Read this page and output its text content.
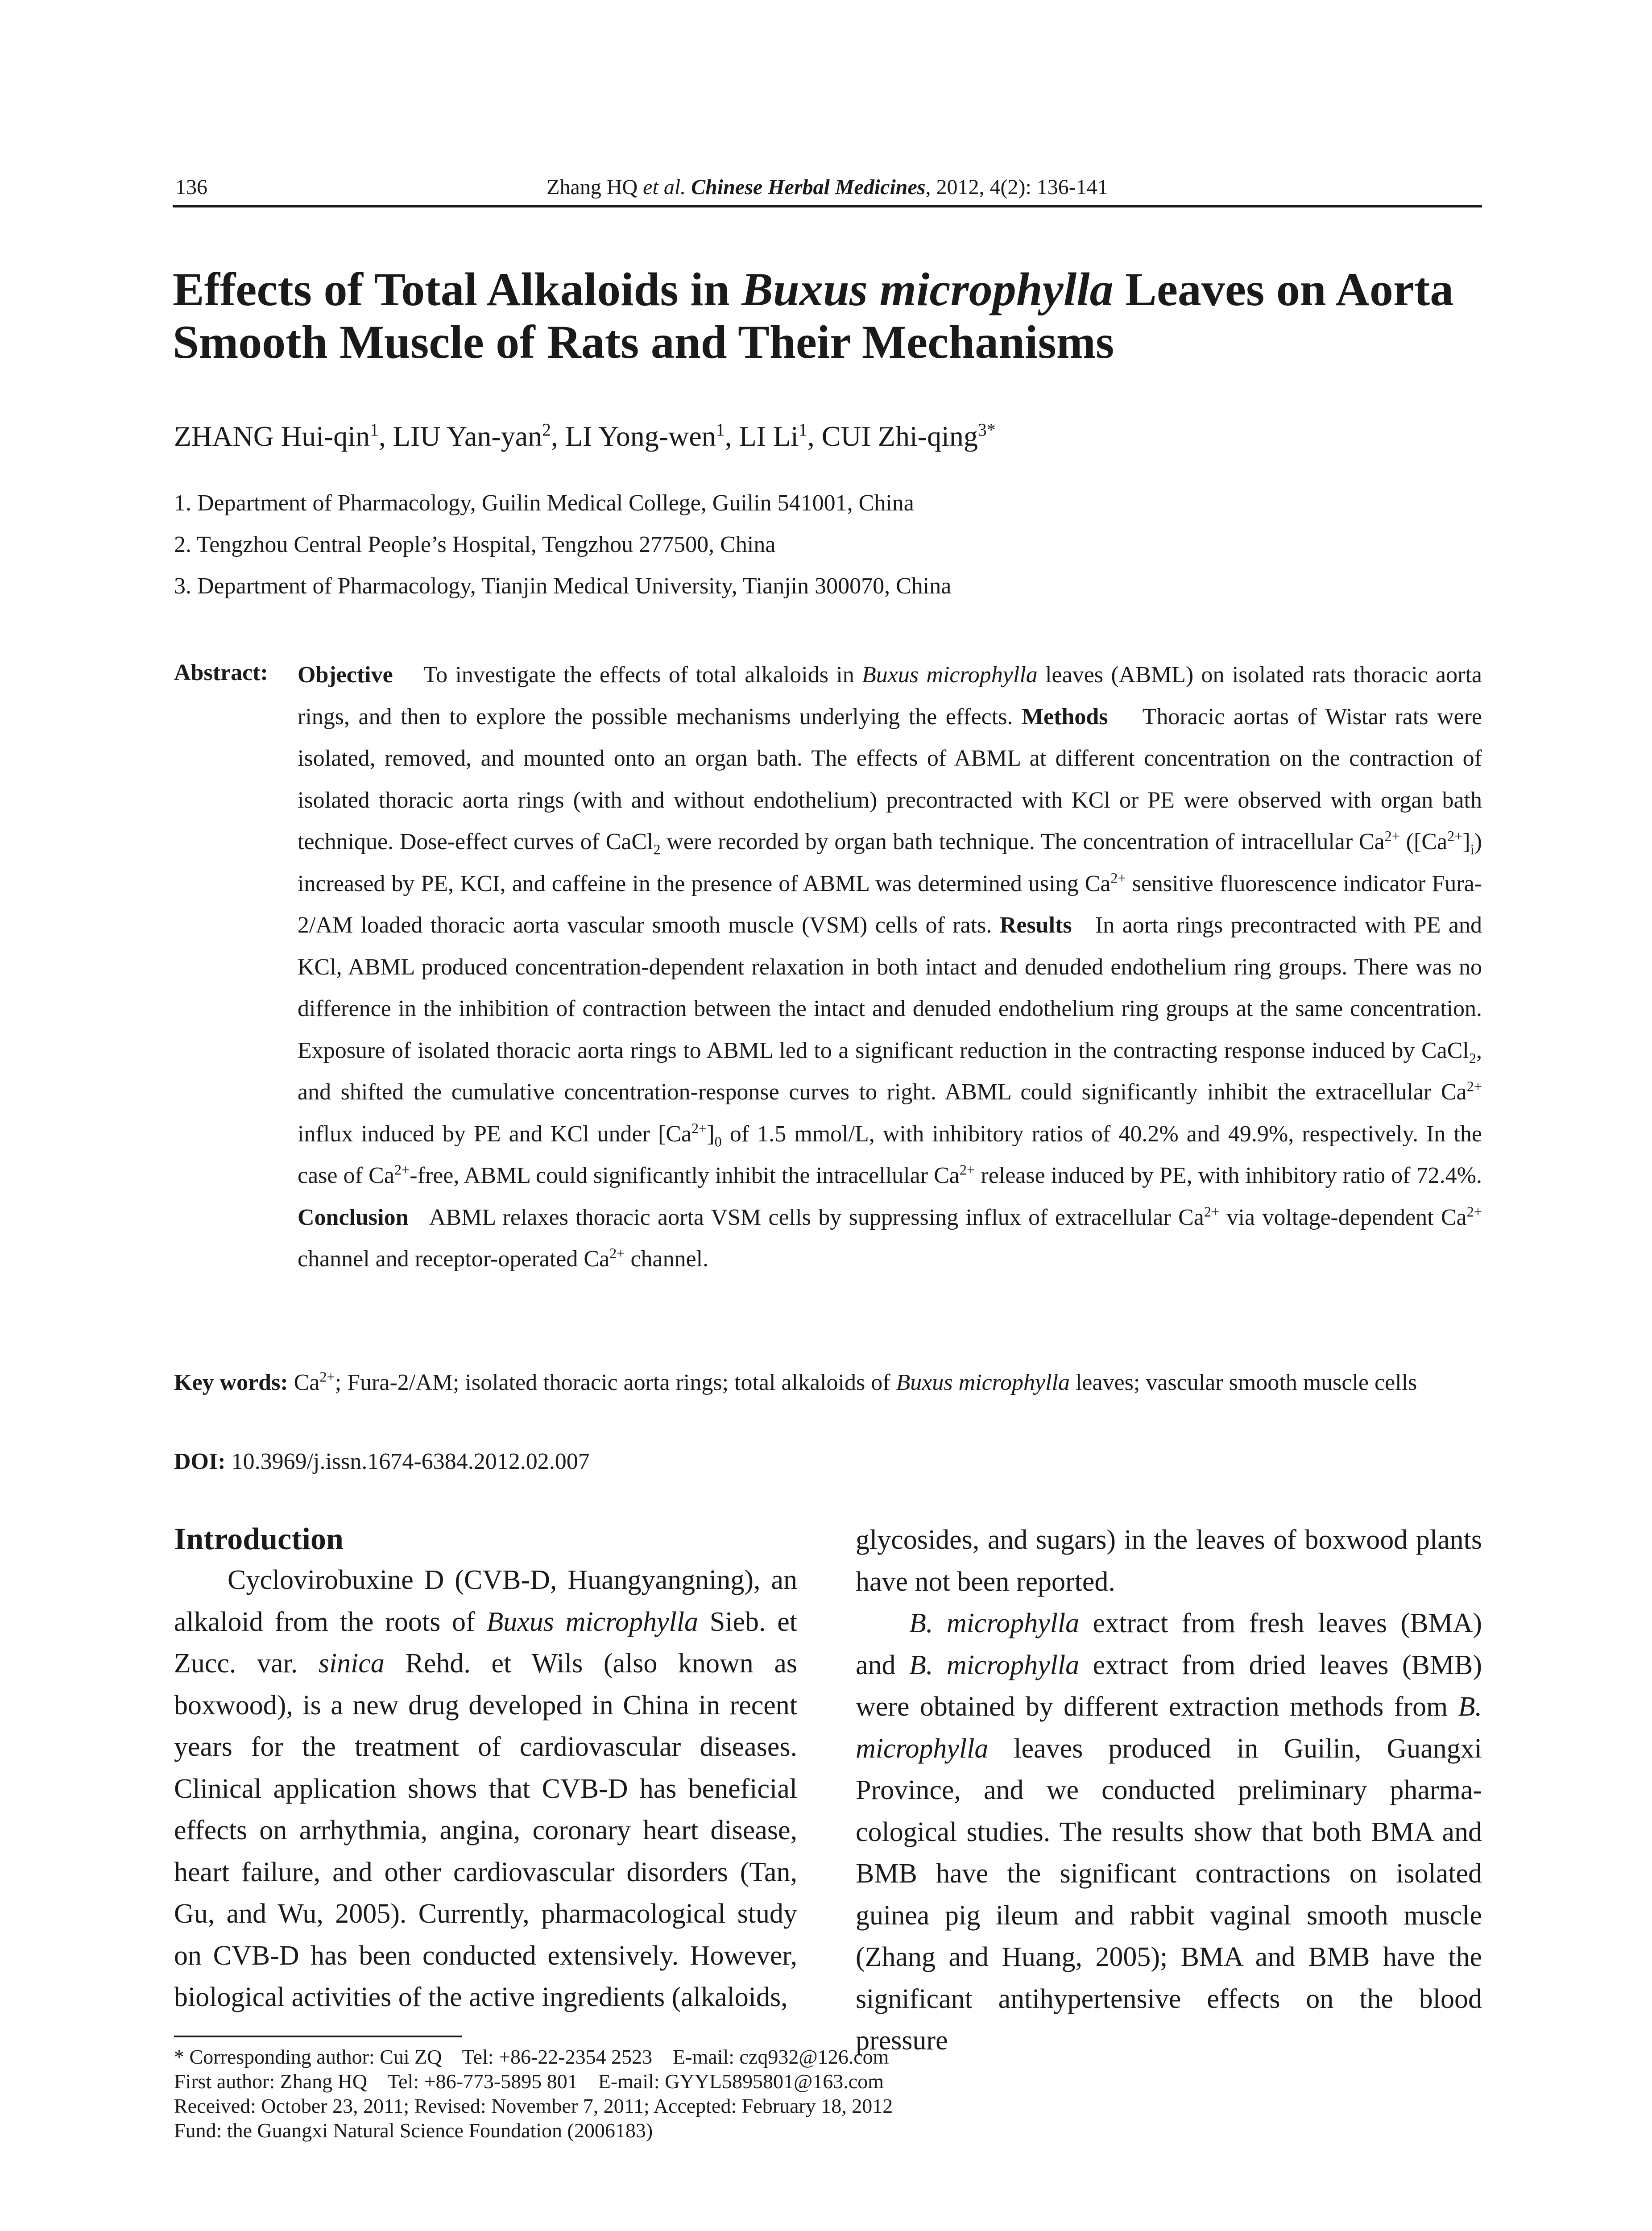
136	Zhang HQ et al. Chinese Herbal Medicines, 2012, 4(2): 136-141
Effects of Total Alkaloids in Buxus microphylla Leaves on Aorta Smooth Muscle of Rats and Their Mechanisms
ZHANG Hui-qin$^1$, LIU Yan-yan$^2$, LI Yong-wen$^1$, LI Li$^1$, CUI Zhi-qing$^{3*}$
1. Department of Pharmacology, Guilin Medical College, Guilin 541001, China
2. Tengzhou Central People’s Hospital, Tengzhou 277500, China
3. Department of Pharmacology, Tianjin Medical University, Tianjin 300070, China
Abstract: Objective To investigate the effects of total alkaloids in Buxus microphylla leaves (ABML) on isolated rats thoracic aorta rings, and then to explore the possible mechanisms underlying the effects. Methods Thoracic aortas of Wistar rats were isolated, removed, and mounted onto an organ bath. The effects of ABML at different concentration on the contraction of isolated thoracic aorta rings (with and without endothelium) precontracted with KCl or PE were observed with organ bath technique. Dose-effect curves of CaCl$_2$ were recorded by organ bath technique. The concentration of intracellular $Ca^{2+}$ $([Ca^{2+}]_i)$ increased by PE, KCI, and caffeine in the presence of ABML was determined using $Ca^{2+}$ sensitive fluorescence indicator Fura-2/AM loaded thoracic aorta vascular smooth muscle (VSM) cells of rats. Results In aorta rings precontracted with PE and KCl, ABML produced concentration-dependent relaxation in both intact and denuded endothelium ring groups. There was no difference in the inhibition of contraction between the intact and denuded endothelium ring groups at the same concentration. Exposure of isolated thoracic aorta rings to ABML led to a significant reduction in the contracting response induced by CaCl$_2$, and shifted the cumulative concentration-response curves to right. ABML could significantly inhibit the extracellular $Ca^{2+}$ influx induced by PE and KCl under $[Ca^{2+}]_0$ of 1.5 mmol/L, with inhibitory ratios of 40.2% and 49.9%, respectively. In the case of $Ca^{2+}$-free, ABML could significantly inhibit the intracellular $Ca^{2+}$ release induced by PE, with inhibitory ratio of 72.4%. Conclusion ABML relaxes thoracic aorta VSM cells by suppressing influx of extracellular $Ca^{2+}$ via voltage-dependent $Ca^{2+}$ channel and receptor-operated $Ca^{2+}$ channel.
Key words: $Ca^{2+}$; Fura-2/AM; isolated thoracic aorta rings; total alkaloids of Buxus microphylla leaves; vascular smooth muscle cells
DOI: 10.3969/j.issn.1674-6384.2012.02.007
Introduction

Cyclovirobuxine D (CVB-D, Huangyangning), an alkaloid from the roots of Buxus microphylla Sieb. et Zucc. var. sinica Rehd. et Wils (also known as boxwood), is a new drug developed in China in recent years for the treatment of cardiovascular diseases. Clinical application shows that CVB-D has beneficial effects on arrhythmia, angina, coronary heart disease, heart failure, and other cardiovascular disorders (Tan, Gu, and Wu, 2005). Currently, pharmacological study on CVB-D has been conducted extensively. However, biological activities of the active ingredients (alkaloids,

glycosides, and sugars) in the leaves of boxwood plants have not been reported.

B. microphylla extract from fresh leaves (BMA) and B. microphylla extract from dried leaves (BMB) were obtained by different extraction methods from B. microphylla leaves produced in Guilin, Guangxi Province, and we conducted preliminary pharma-cological studies. The results show that both BMA and BMB have the significant contractions on isolated guinea pig ileum and rabbit vaginal smooth muscle (Zhang and Huang, 2005); BMA and BMB have the significant antihypertensive effects on the blood pressure

* Corresponding author: Cui ZQ    Tel: +86-22-2354 2523    E-mail: czq932@126.com
First author: Zhang HQ    Tel: +86-773-5895 801    E-mail: GYYL5895801@163.com
Received: October 23, 2011; Revised: November 7, 2011; Accepted: February 18, 2012
Fund: the Guangxi Natural Science Foundation (2006183)
